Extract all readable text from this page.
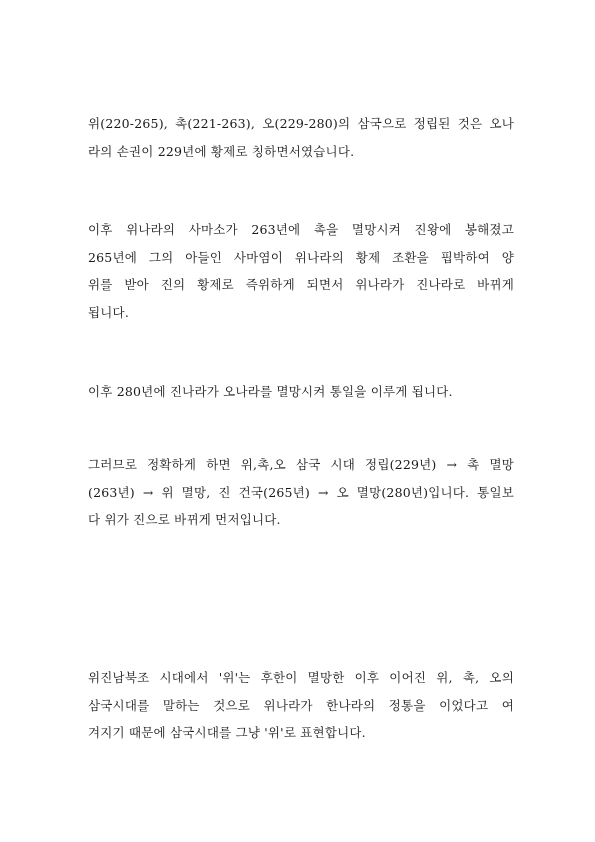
위(220-265), 촉(221-263), 오(229-280)의 삼국으로 정립된 것은 오나
라의 손권이 229년에 황제로 칭하면서였습니다.

이후 위나라의 사마소가 263년에 촉을 멸망시켜 진왕에 봉해졌고
265년에 그의 아들인 사마염이 위나라의 황제 조환을 핍박하여 양
위를 받아 진의 황제로 즉위하게 되면서 위나라가 진나라로 바뀌게
됩니다.

이후 280년에 진나라가 오나라를 멸망시켜 통일을 이루게 됩니다.

그러므로 정확하게 하면 위,촉,오 삼국 시대 정립(229년) → 촉 멸망
(263년) → 위 멸망, 진 건국(265년) → 오 멸망(280년)입니다. 통일보
다 위가 진으로 바뀌게 먼저입니다.

위진남북조 시대에서 '위'는 후한이 멸망한 이후 이어진 위, 촉, 오의
삼국시대를 말하는 것으로 위나라가 한나라의 정통을 이었다고 여
겨지기 때문에 삼국시대를 그냥 '위'로 표현합니다.
